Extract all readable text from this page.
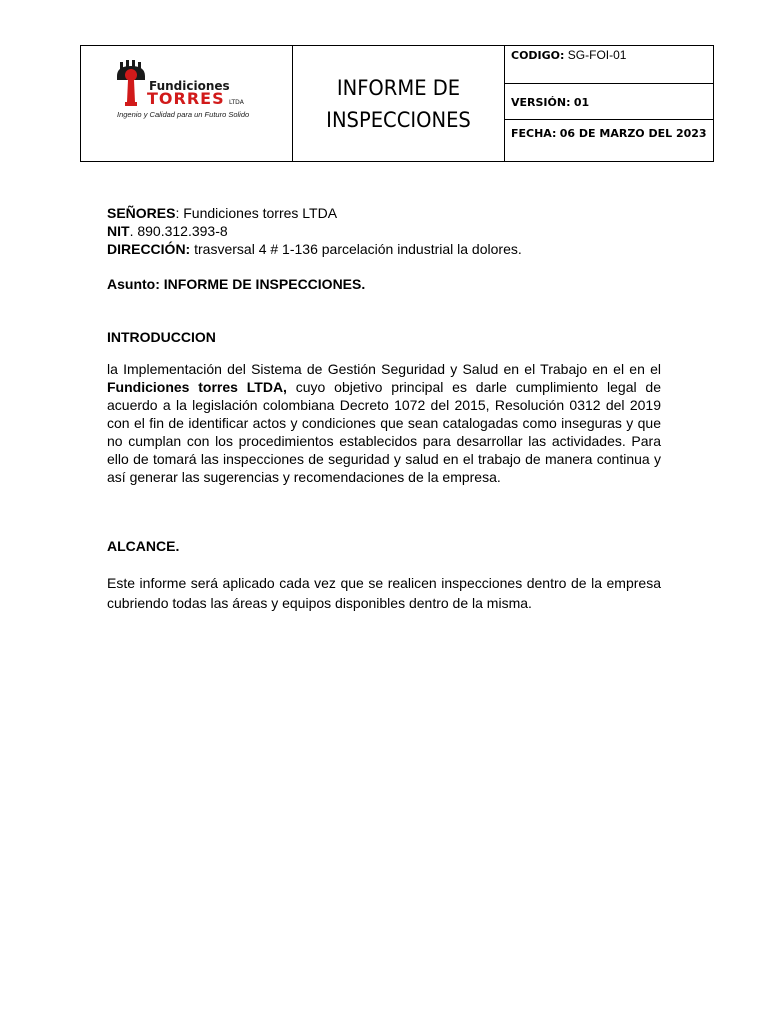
Fundiciones
TORRES LTDA
Ingenio y Calidad para un Futuro Solido

INFORME DE
INSPECCIONES
	CODIGO: SG-FOI-01
VERSIÓN: 01
FECHA: 06 DE MARZO DEL 2023
SEÑORES: Fundiciones torres LTDA
NIT. 890.312.393-8
DIRECCIÓN: trasversal 4 # 1-136 parcelación industrial la dolores.
Asunto: INFORME DE INSPECCIONES.
INTRODUCCION
la Implementación del Sistema de Gestión Seguridad y Salud en el Trabajo en el en el Fundiciones torres LTDA, cuyo objetivo principal es darle cumplimiento legal de acuerdo a la legislación colombiana Decreto 1072 del 2015, Resolución 0312 del 2019 con el fin de identificar actos y condiciones que sean catalogadas como inseguras y que no cumplan con los procedimientos establecidos para desarrollar las actividades. Para ello de tomará las inspecciones de seguridad y salud en el trabajo de manera continua y así generar las sugerencias y recomendaciones de la empresa.
ALCANCE.
Este informe será aplicado cada vez que se realicen inspecciones dentro de la empresa cubriendo todas las áreas y equipos disponibles dentro de la misma.
